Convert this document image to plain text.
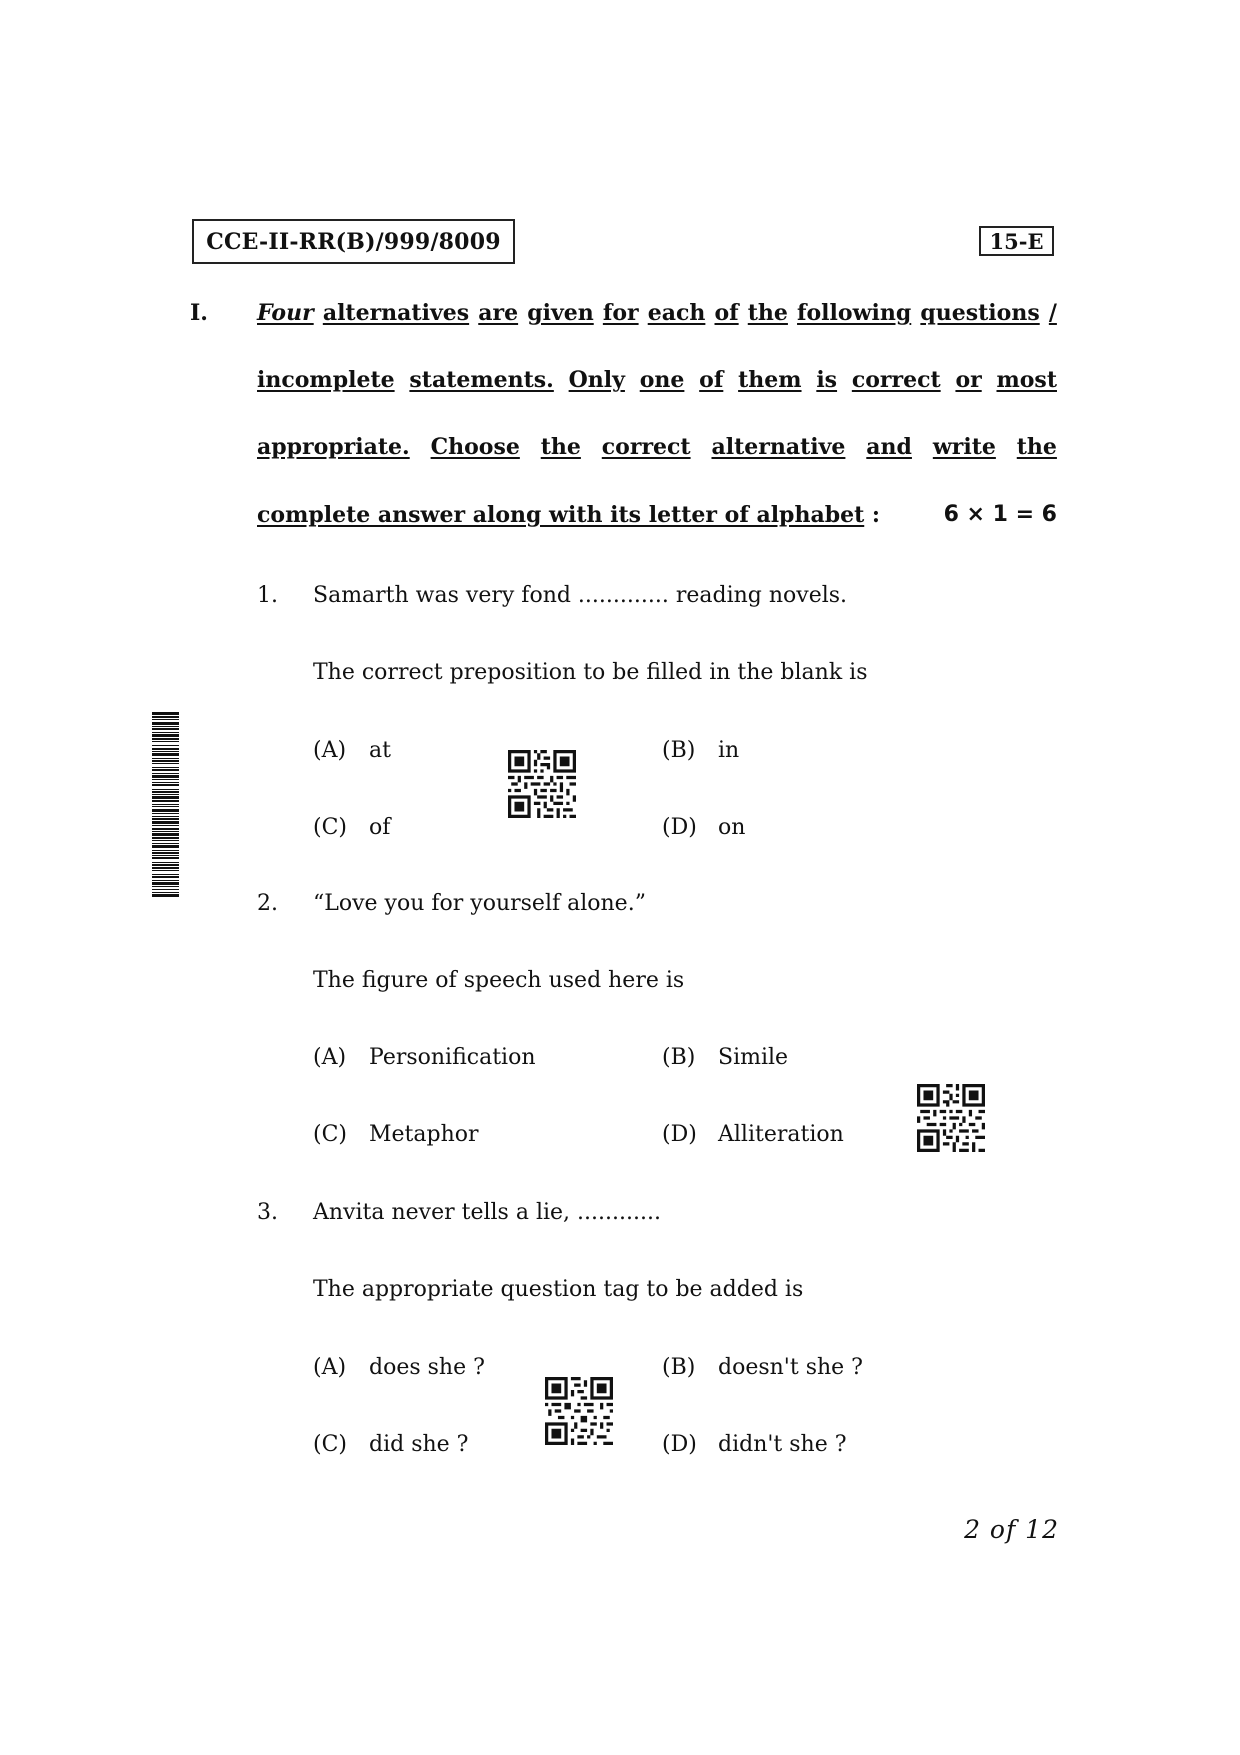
CCE-II-RR(B)/999/8009	15-E
I. Four alternatives are given for each of the following questions /
incomplete statements. Only one of them is correct or most
appropriate. Choose the correct alternative and write the
complete answer along with its letter of alphabet :	6 × 1 = 6
1. Samarth was very fond ............. reading novels.
The correct preposition to be filled in the blank is
(A) at	(B) in
(C) of	(D) on
2. “Love you for yourself alone.”
The figure of speech used here is
(A) Personification	(B) Simile
(C) Metaphor	(D) Alliteration
3. Anvita never tells a lie, ............
The appropriate question tag to be added is
(A) does she ?	(B) doesn't she ?
(C) did she ?	(D) didn't she ?
2 of 12
